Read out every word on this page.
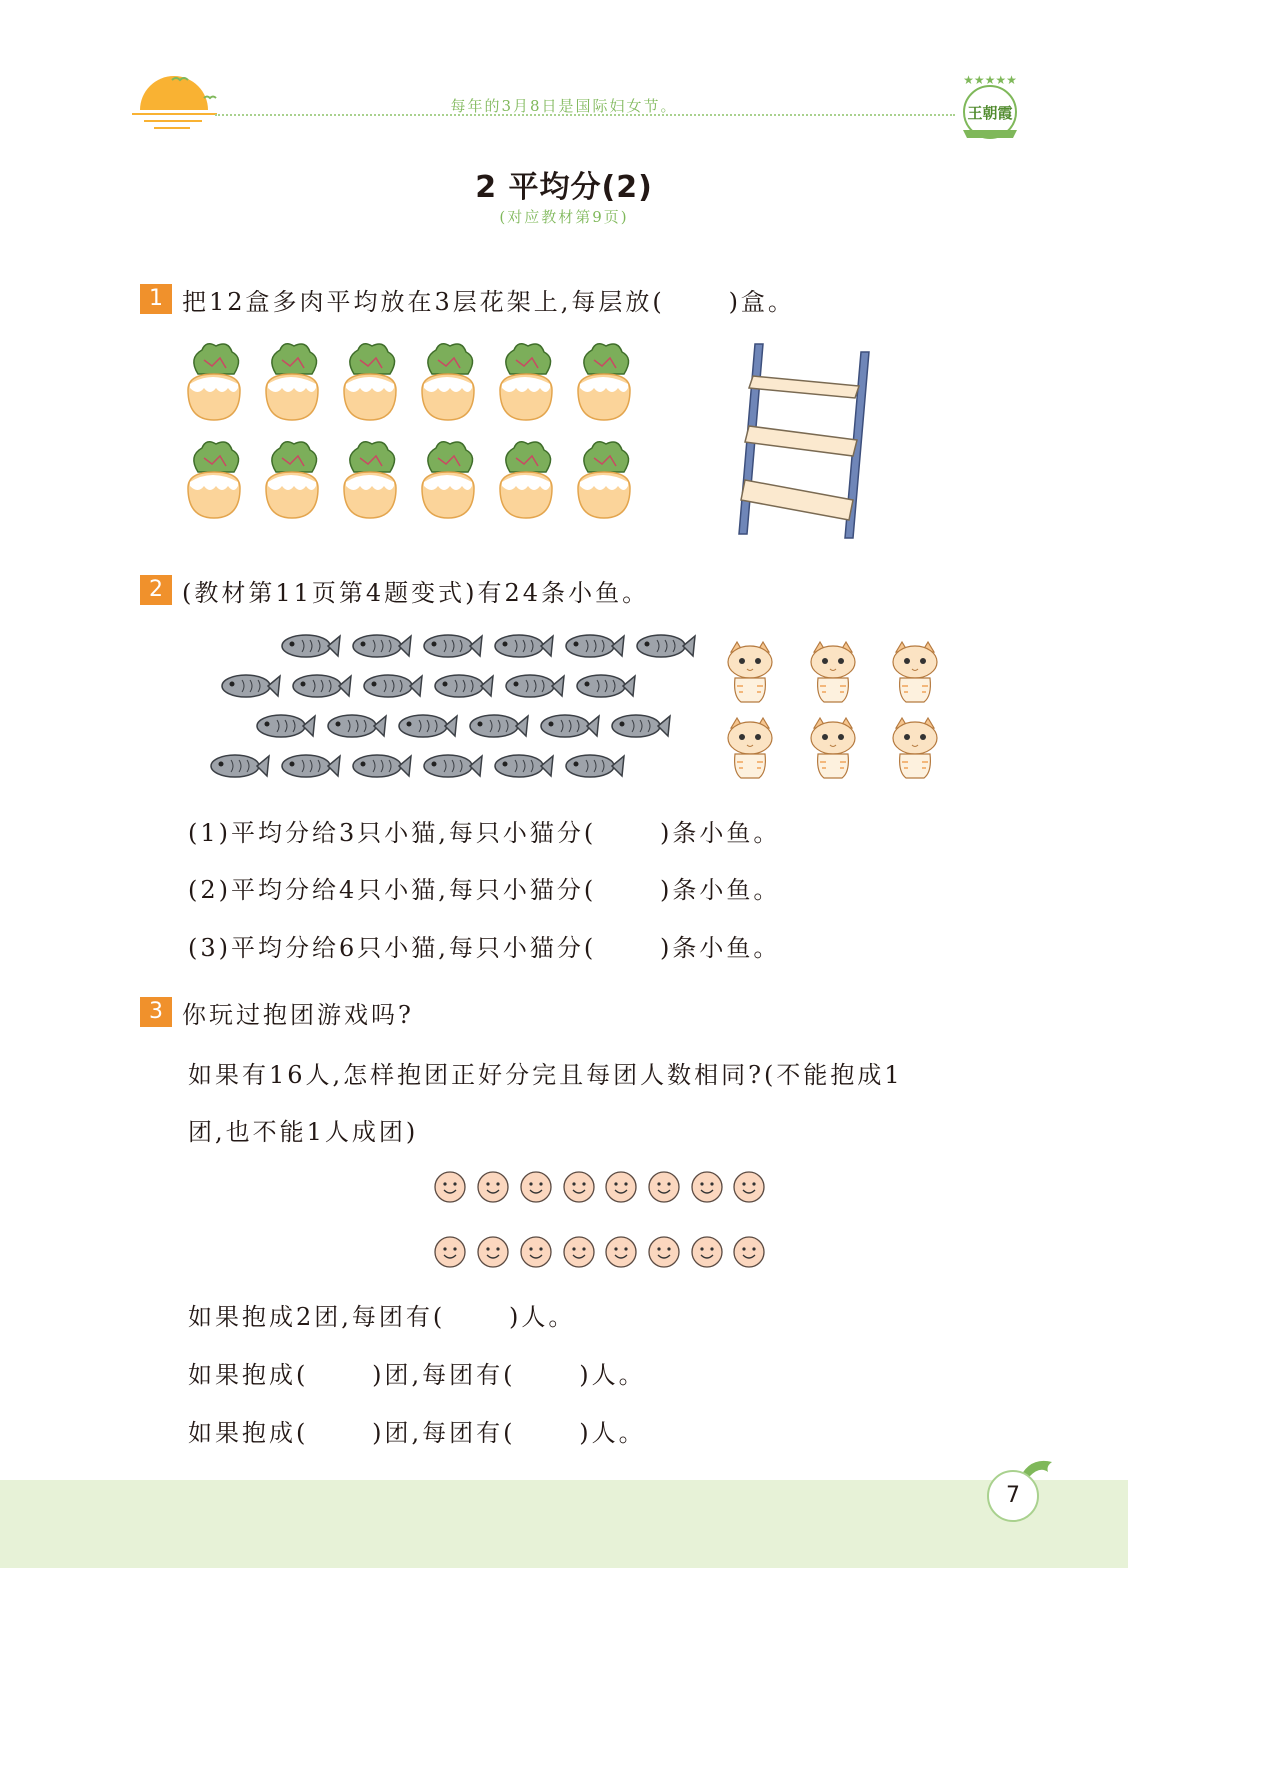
每年的3月8日是国际妇女节。
★★★★★
王朝霞
2 平均分(2)
(对应教材第9页)
1 把12盒多肉平均放在3层花架上,每层放(      )盒。
2 (教材第11页第4题变式)有24条小鱼。
(1)平均分给3只小猫,每只小猫分(      )条小鱼。
(2)平均分给4只小猫,每只小猫分(      )条小鱼。
(3)平均分给6只小猫,每只小猫分(      )条小鱼。
3 你玩过抱团游戏吗?
如果有16人,怎样抱团正好分完且每团人数相同?(不能抱成1
团,也不能1人成团)
如果抱成2团,每团有(      )人。
如果抱成(      )团,每团有(      )人。
如果抱成(      )团,每团有(      )人。
7
